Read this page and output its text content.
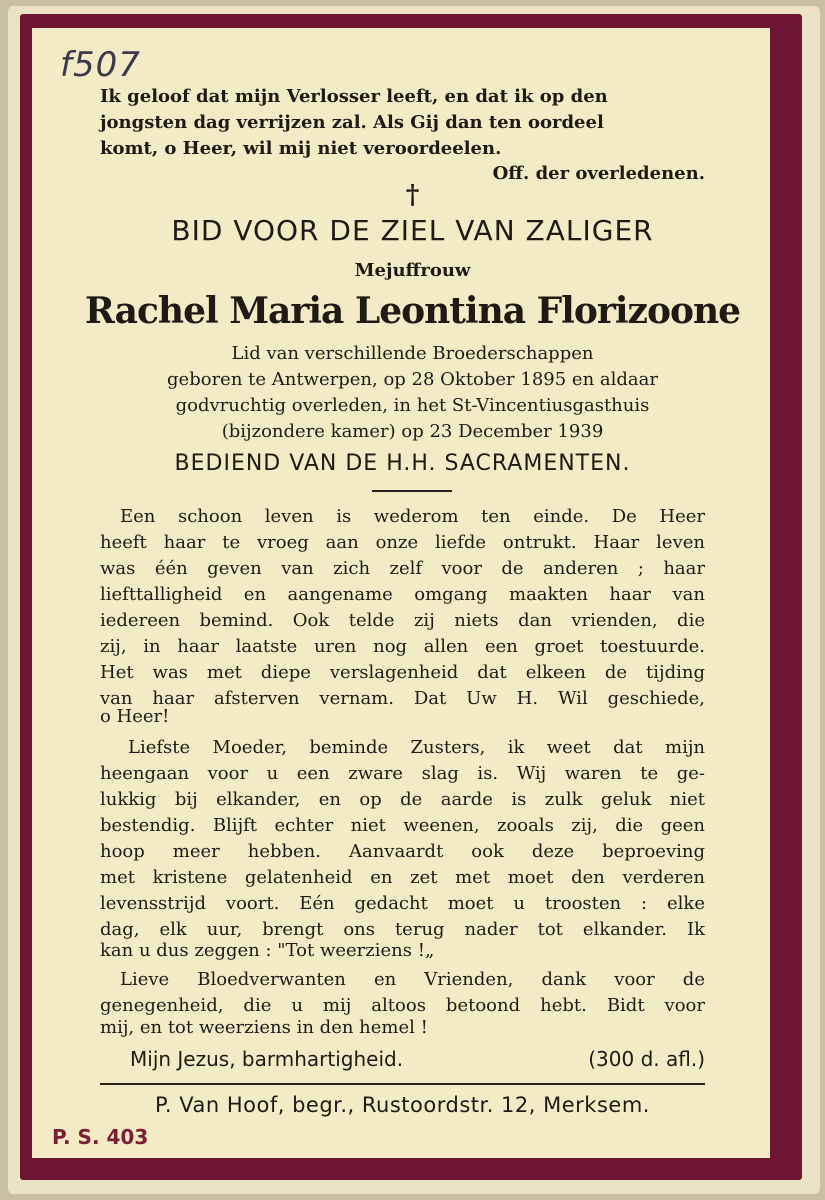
f507

Ik geloof dat mijn Verlosser leeft, en dat ik op den

jongsten dag verrijzen zal. Als Gij dan ten oordeel

komt, o Heer, wil mij niet veroordeelen.

Off. der overledenen.

†

BID VOOR DE ZIEL VAN ZALIGER

Mejuffrouw

Rachel Maria Leontina Florizoone

Lid van verschillende Broederschappen

geboren te Antwerpen, op 28 Oktober 1895 en aldaar

godvruchtig overleden, in het St-Vincentiusgasthuis

(bijzondere kamer) op 23 December 1939

BEDIEND VAN DE H.H. SACRAMENTEN.

Een schoon leven is wederom ten einde. De Heer

heeft haar te vroeg aan onze liefde ontrukt. Haar leven

was één geven van zich zelf voor de anderen ; haar

liefttalligheid en aangename omgang maakten haar van

iedereen bemind. Ook telde zij niets dan vrienden, die

zij, in haar laatste uren nog allen een groet toestuurde.

Het was met diepe verslagenheid dat elkeen de tijding

van haar afsterven vernam. Dat Uw H. Wil geschiede,

o Heer!

Liefste Moeder, beminde Zusters, ik weet dat mijn

heengaan voor u een zware slag is. Wij waren te ge-

lukkig bij elkander, en op de aarde is zulk geluk niet

bestendig. Blijft echter niet weenen, zooals zij, die geen

hoop meer hebben. Aanvaardt ook deze beproeving

met kristene gelatenheid en zet met moet den verderen

levensstrijd voort. Eén gedacht moet u troosten : elke

dag, elk uur, brengt ons terug nader tot elkander. Ik

kan u dus zeggen : "Tot weerziens !„

Lieve Bloedverwanten en Vrienden, dank voor de

genegenheid, die u mij altoos betoond hebt. Bidt voor

mij, en tot weerziens in den hemel !

Mijn Jezus, barmhartigheid.	(300 d. afl.)

P. Van Hoof, begr., Rustoordstr. 12, Merksem.

P. S. 403
